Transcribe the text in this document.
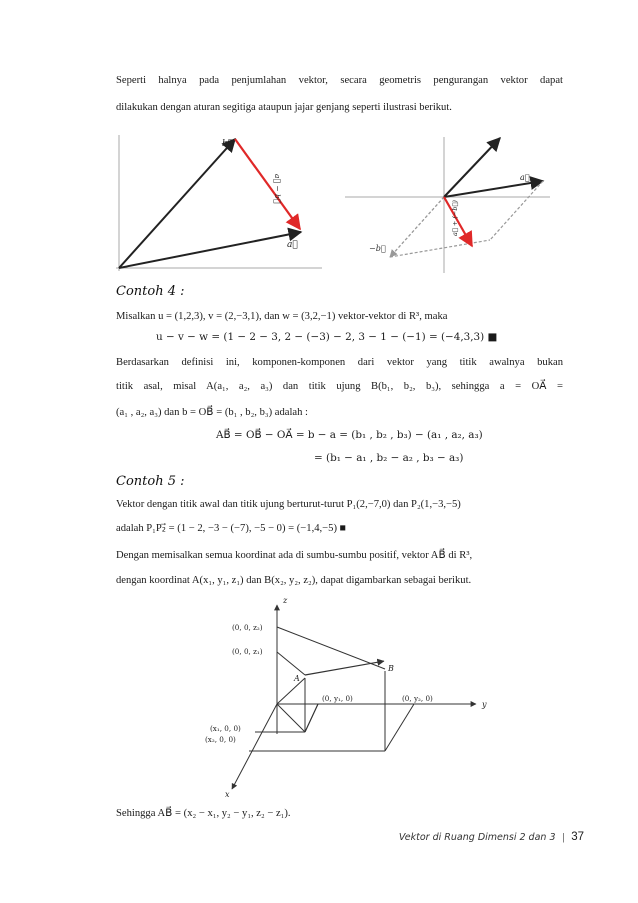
Seperti halnya pada penjumlahan vektor, secara geometris pengurangan vektor dapat
dilakukan dengan aturan segitiga ataupun jajar genjang seperti ilustrasi berikut.
b⃗
a⃗
a⃗ − b⃗	a⃗
−b⃗
a⃗ + (−b⃗)
z
y
x
(0, 0, z₂)
(0, 0, z₁)
A
B
(0, y₁, 0)	(0, y₂, 0)
(x₁, 0, 0)
(x₂, 0, 0)
Contoh 4 :
Misalkan u = (1,2,3), v = (2,−3,1), dan w = (3,2,−1) vektor-vektor di R³, maka
u − v − w = (1 − 2 − 3, 2 − (−3) − 2, 3 − 1 − (−1) = (−4,3,3) ■
Berdasarkan definisi ini, komponen-komponen dari vektor yang titik awalnya bukan
titik asal, misal A(a₁, a₂, a₃) dan titik ujung B(b₁, b₂, b₃), sehingga a = OA⃗ =
(a₁ , a₂, a₃) dan b = OB⃗ = (b₁ , b₂, b₃) adalah :
AB⃗ = OB⃗ − OA⃗ = b − a = (b₁ , b₂ , b₃) − (a₁ , a₂, a₃)
= (b₁ − a₁ , b₂ − a₂ , b₃ − a₃)
Contoh 5 :
Vektor dengan titik awal dan titik ujung berturut-turut P₁(2,−7,0) dan P₂(1,−3,−5)
adalah P₁P₂⃗ = (1 − 2, −3 − (−7), −5 − 0) = (−1,4,−5) ■
Dengan memisalkan semua koordinat ada di sumbu-sumbu positif, vektor AB⃗ di R³,
dengan koordinat A(x₁, y₁, z₁) dan B(x₂, y₂, z₂), dapat digambarkan sebagai berikut.
Sehingga AB⃗ = (x₂ − x₁, y₂ − y₁, z₂ − z₁).
Vektor di Ruang Dimensi 2 dan 3 | 37
